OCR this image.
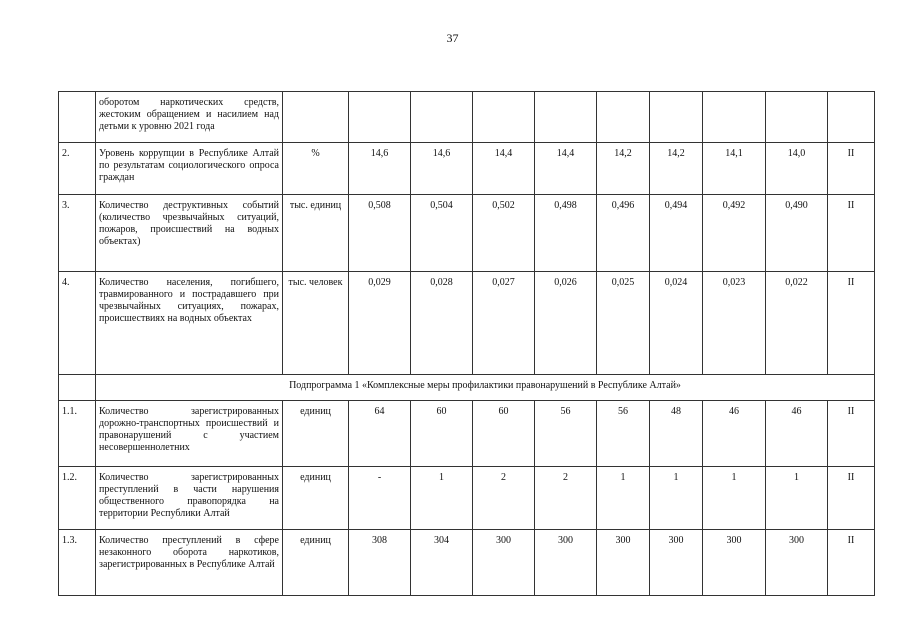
37
	оборотом наркотических средств, жестоким обращением и насилием над детьми к уровню 2021 года										
2.	Уровень коррупции в Республике Алтай по результатам социологического опроса граждан	%	14,6	14,6	14,4	14,4	14,2	14,2	14,1	14,0	II
3.	Количество деструктивных событий (количество чрезвычайных ситуаций, пожаров, происшествий на водных объектах)	тыс. единиц	0,508	0,504	0,502	0,498	0,496	0,494	0,492	0,490	II
4.	Количество населения, погибшего, травмированного и пострадавшего при чрезвычайных ситуациях, пожарах, происшествиях на водных объектах	тыс. человек	0,029	0,028	0,027	0,026	0,025	0,024	0,023	0,022	II
	Подпрограмма 1 «Комплексные меры профилактики правонарушений в Республике Алтай»										
1.1.	Количество зарегистрированных дорожно-транспортных происшествий и правонарушений с участием несовершеннолетних	единиц	64	60	60	56	56	48	46	46	II
1.2.	Количество зарегистрированных преступлений в части нарушения общественного правопорядка на территории Республики Алтай	единиц	-	1	2	2	1	1	1	1	II
1.3.	Количество преступлений в сфере незаконного оборота наркотиков, зарегистрированных в Республике Алтай	единиц	308	304	300	300	300	300	300	300	II
